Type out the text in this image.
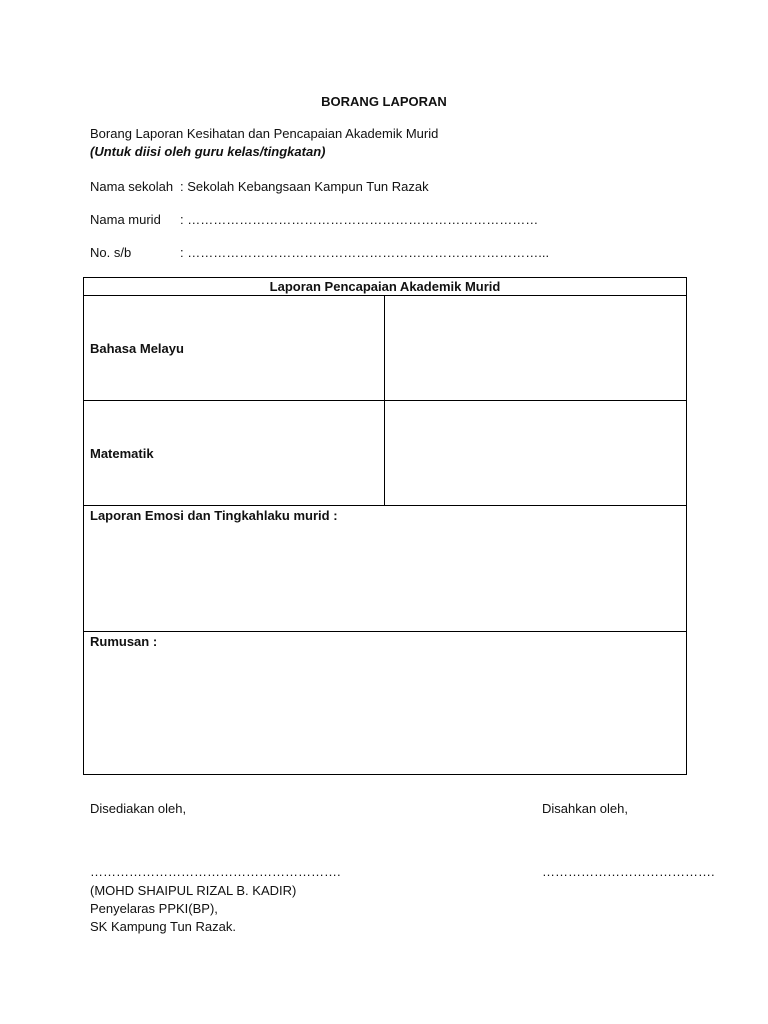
BORANG LAPORAN
Borang Laporan Kesihatan dan Pencapaian Akademik Murid
(Untuk diisi oleh guru kelas/tingkatan)
Nama sekolah : Sekolah Kebangsaan Kampun Tun Razak
Nama murid : ………………………………………………………………………
No. s/b	: ………………………………………………………………………...
Laporan Pencapaian Akademik Murid	
Bahasa Melayu	
Matematik	
Laporan Emosi dan Tingkahlaku murid :	
Rumusan :	
Disediakan oleh,	Disahkan oleh,
………………………………………………….	………………………………….
(MOHD SHAIPUL RIZAL B. KADIR)
Penyelaras PPKI(BP),
SK Kampung Tun Razak.
